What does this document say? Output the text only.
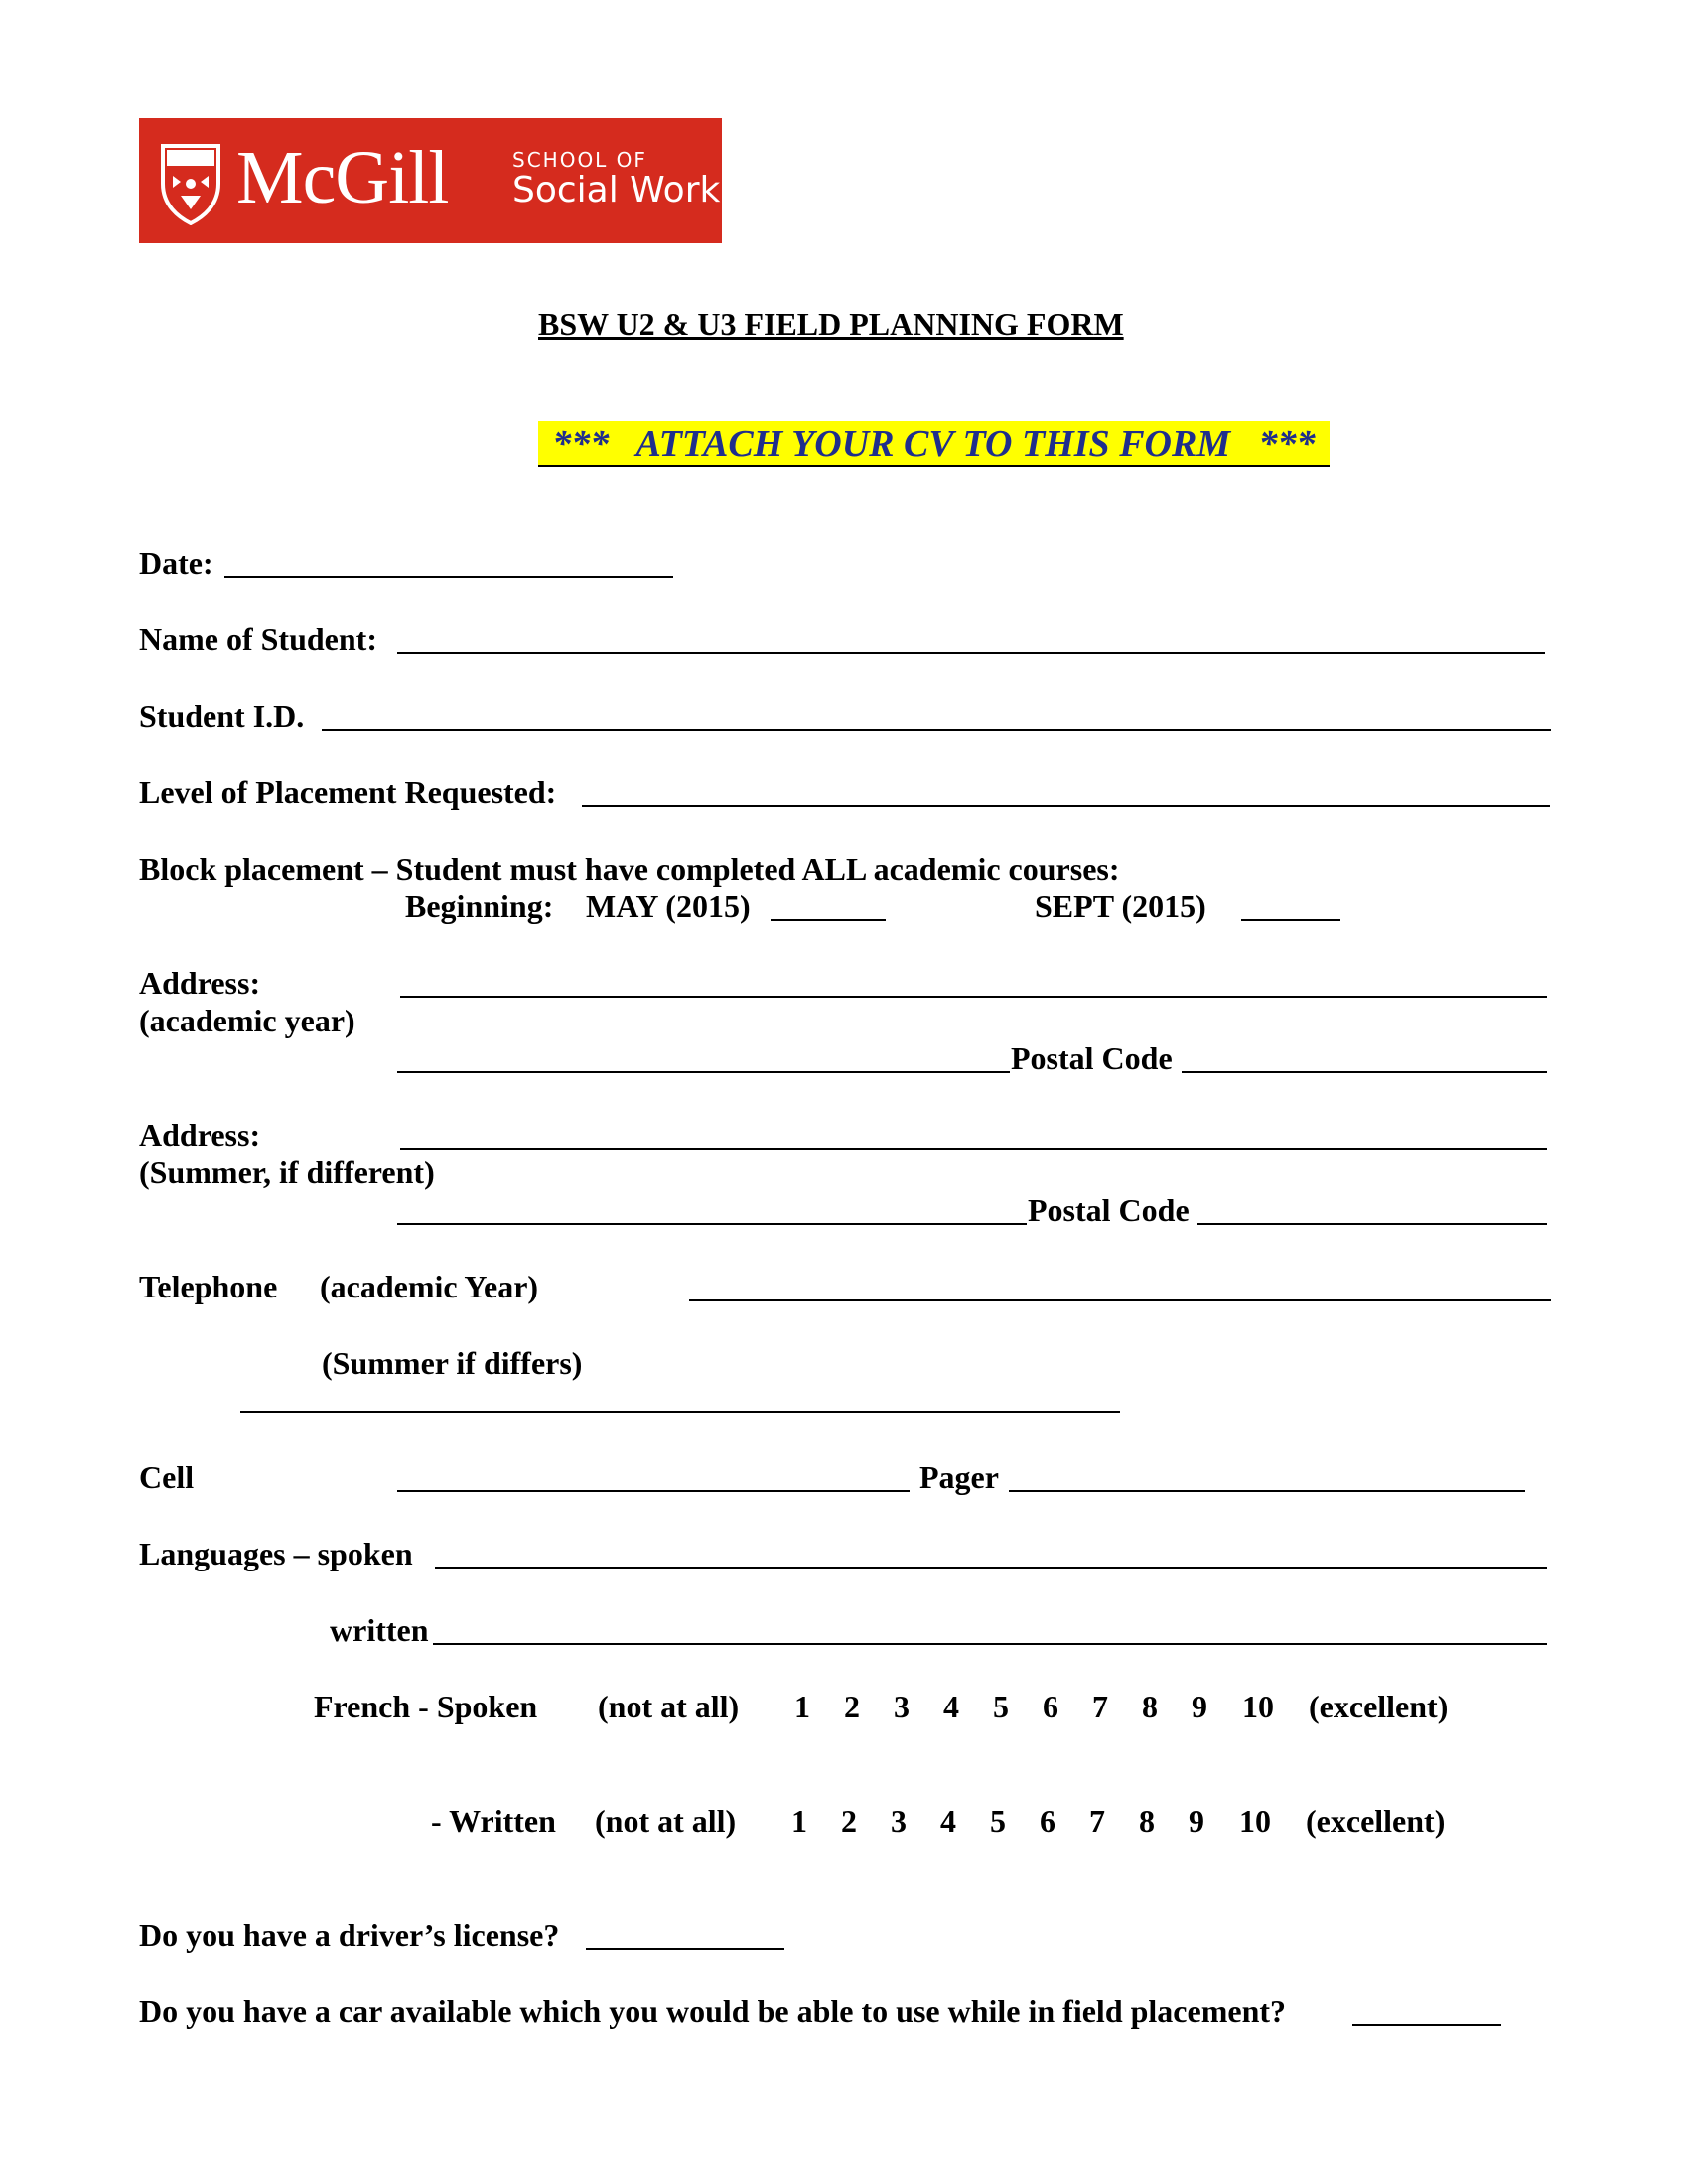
McGill	SCHOOL OF
Social Work
BSW U2 & U3 FIELD PLANNING FORM
***   ATTACH YOUR CV TO THIS FORM   ***
Date:
Name of Student:
Student I.D.
Level of Placement Requested:
Block placement – Student must have completed ALL academic courses:
Beginning: MAY (2015)	SEPT (2015)
Address:
(academic year)
Postal Code
Address:
(Summer, if different)
Postal Code
Telephone (academic Year)
(Summer if differs)
Cell	Pager
Languages – spoken
written
French - Spoken (not at all) 1 2 3 4 5 6 7 8 9 10 (excellent)
- Written (not at all) 1 2 3 4 5 6 7 8 9 10 (excellent)
Do you have a driver’s license?
Do you have a car available which you would be able to use while in field placement?
